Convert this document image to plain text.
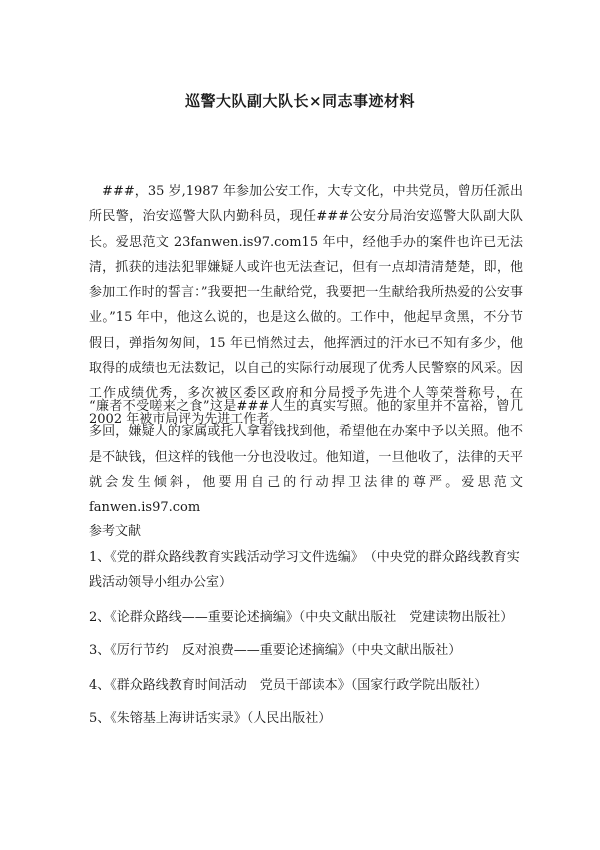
巡警大队副大队长×同志事迹材料
　###，35 岁,1987 年参加公安工作，大专文化，中共党员，曾历任派出所民警，治安巡警大队内勤科员，现任###公安分局治安巡警大队副大队长。爱思范文 23fanwen.is97.com15 年中，经他手办的案件也许已无法清，抓获的违法犯罪嫌疑人或许也无法查记，但有一点却清清楚楚，即，他参加工作时的誓言：”我要把一生献给党，我要把一生献给我所热爱的公安事业。”15 年中，他这么说的，也是这么做的。工作中，他起早贪黑，不分节假日，弹指匆匆间，15 年已悄然过去，他挥洒过的汗水已不知有多少，他取得的成绩也无法数记，以自己的实际行动展现了优秀人民警察的风采。因工作成绩优秀，多次被区委区政府和分局授予先进个人等荣誉称号，在 2002 年被市局评为先进工作者。
“廉者不受嗟来之食”这是###人生的真实写照。他的家里并不富裕，曾几多回，嫌疑人的家属或托人拿着钱找到他，希望他在办案中予以关照。他不是不缺钱，但这样的钱他一分也没收过。他知道，一旦他收了，法律的天平就会发生倾斜，他要用自己的行动捍卫法律的尊严。爱思范文 fanwen.is97.com
参考文献
1、《党的群众路线教育实践活动学习文件选编》　（中央党的群众路线教育实践活动领导小组办公室）
2、《论群众路线——重要论述摘编》（中央文献出版社　党建读物出版社）
3、《厉行节约　反对浪费——重要论述摘编》（中央文献出版社）
4、《群众路线教育时间活动　党员干部读本》（国家行政学院出版社）
5、《朱镕基上海讲话实录》（人民出版社）
